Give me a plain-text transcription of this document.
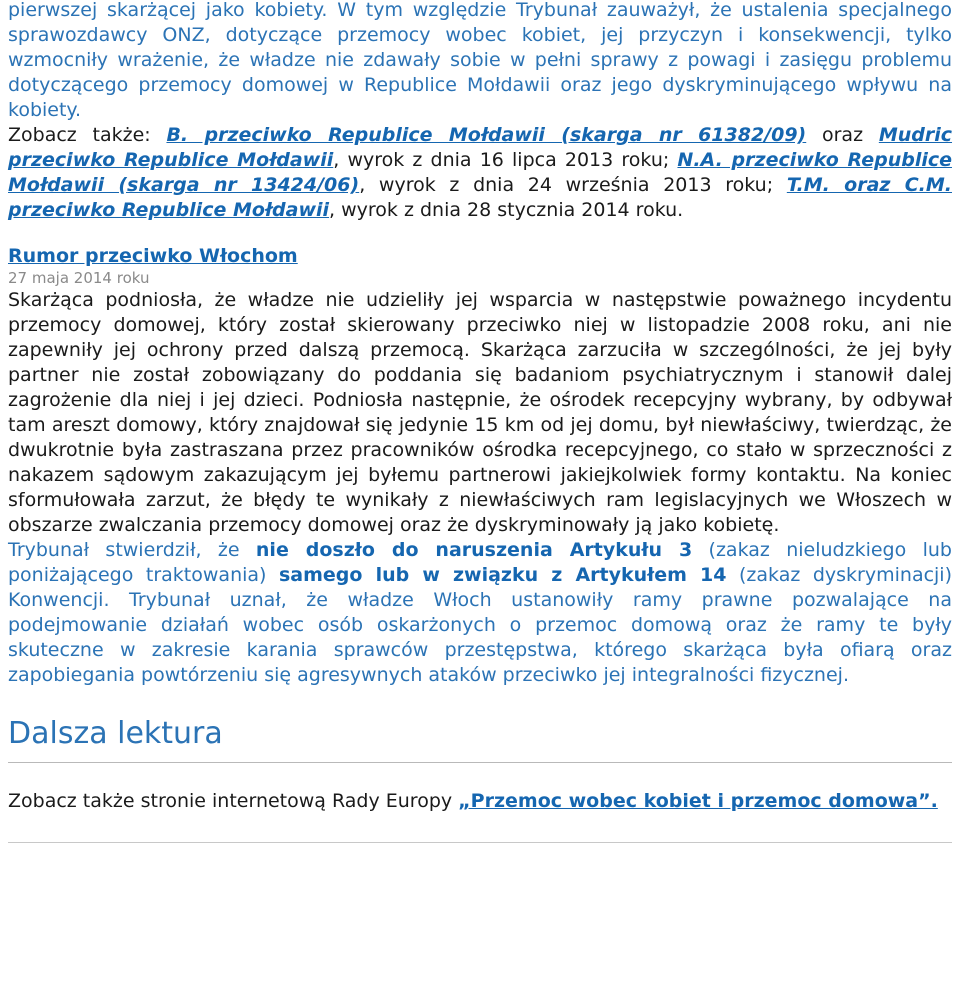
pierwszej skarżącej jako kobiety. W tym względzie Trybunał zauważył, że ustalenia specjalnego sprawozdawcy ONZ, dotyczące przemocy wobec kobiet, jej przyczyn i konsekwencji, tylko wzmocniły wrażenie, że władze nie zdawały sobie w pełni sprawy z powagi i zasięgu problemu dotyczącego przemocy domowej w Republice Mołdawii oraz jego dyskryminującego wpływu na kobiety.

Zobacz także: B. przeciwko Republice Mołdawii (skarga nr 61382/09) oraz Mudric przeciwko Republice Mołdawii, wyrok z dnia 16 lipca 2013 roku; N.A. przeciwko Republice Mołdawii (skarga nr 13424/06), wyrok z dnia 24 września 2013 roku; T.M. oraz C.M. przeciwko Republice Mołdawii, wyrok z dnia 28 stycznia 2014 roku.

Rumor przeciwko Włochom
27 maja 2014 roku

Skarżąca podniosła, że władze nie udzieliły jej wsparcia w następstwie poważnego incydentu przemocy domowej, który został skierowany przeciwko niej w listopadzie 2008 roku, ani nie zapewniły jej ochrony przed dalszą przemocą. Skarżąca zarzuciła w szczególności, że jej były partner nie został zobowiązany do poddania się badaniom psychiatrycznym i stanowił dalej zagrożenie dla niej i jej dzieci. Podniosła następnie, że ośrodek recepcyjny wybrany, by odbywał tam areszt domowy, który znajdował się jedynie 15 km od jej domu, był niewłaściwy, twierdząc, że dwukrotnie była zastraszana przez pracowników ośrodka recepcyjnego, co stało w sprzeczności z nakazem sądowym zakazującym jej byłemu partnerowi jakiejkolwiek formy kontaktu. Na koniec sformułowała zarzut, że błędy te wynikały z niewłaściwych ram legislacyjnych we Włoszech w obszarze zwalczania przemocy domowej oraz że dyskryminowały ją jako kobietę.

Trybunał stwierdził, że nie doszło do naruszenia Artykułu 3 (zakaz nieludzkiego lub poniżającego traktowania) samego lub w związku z Artykułem 14 (zakaz dyskryminacji) Konwencji. Trybunał uznał, że władze Włoch ustanowiły ramy prawne pozwalające na podejmowanie działań wobec osób oskarżonych o przemoc domową oraz że ramy te były skuteczne w zakresie karania sprawców przestępstwa, którego skarżąca była ofiarą oraz zapobiegania powtórzeniu się agresywnych ataków przeciwko jej integralności fizycznej.

Dalsza lektura

Zobacz także stronie internetową Rady Europy „Przemoc wobec kobiet i przemoc domowa”.
